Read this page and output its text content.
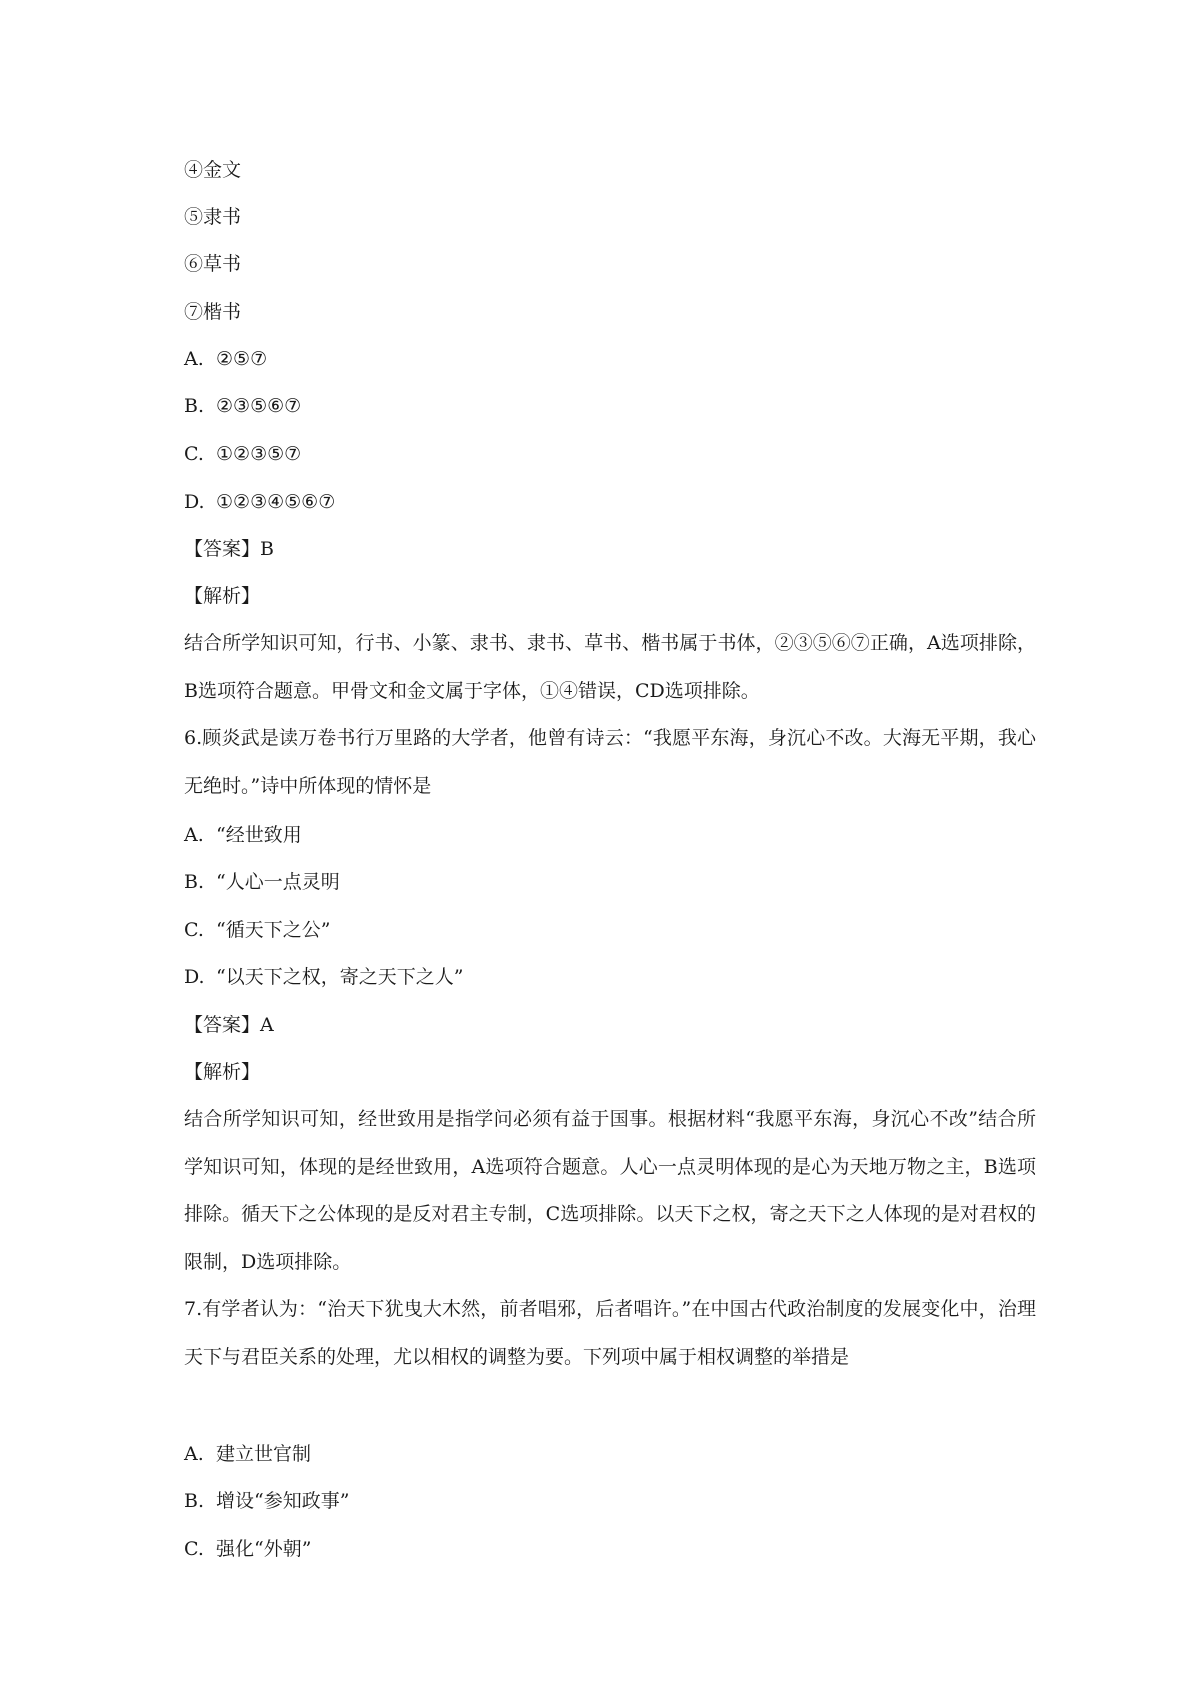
④金文
⑤隶书
⑥草书
⑦楷书
A. ②⑤⑦
B. ②③⑤⑥⑦
C. ①②③⑤⑦
D. ①②③④⑤⑥⑦
【答案】B
【解析】
结合所学知识可知，行书、小篆、隶书、隶书、草书、楷书属于书体，②③⑤⑥⑦正确，A选项排除，B选项符合题意。甲骨文和金文属于字体，①④错误，CD选项排除。
6.顾炎武是读万卷书行万里路的大学者，他曾有诗云：“我愿平东海，身沉心不改。大海无平期，我心无绝时。”诗中所体现的情怀是
A. “经世致用
B. “人心一点灵明
C. “循天下之公”
D. “以天下之权，寄之天下之人”
【答案】A
【解析】
结合所学知识可知，经世致用是指学问必须有益于国事。根据材料“我愿平东海，身沉心不改”结合所学知识可知，体现的是经世致用，A选项符合题意。人心一点灵明体现的是心为天地万物之主，B选项排除。循天下之公体现的是反对君主专制，C选项排除。以天下之权，寄之天下之人体现的是对君权的限制，D选项排除。
7.有学者认为：“治天下犹曳大木然，前者唱邪，后者唱许。”在中国古代政治制度的发展变化中，治理天下与君臣关系的处理，尤以相权的调整为要。下列项中属于相权调整的举措是
A. 建立世官制
B. 增设“参知政事”
C. 强化“外朝”
